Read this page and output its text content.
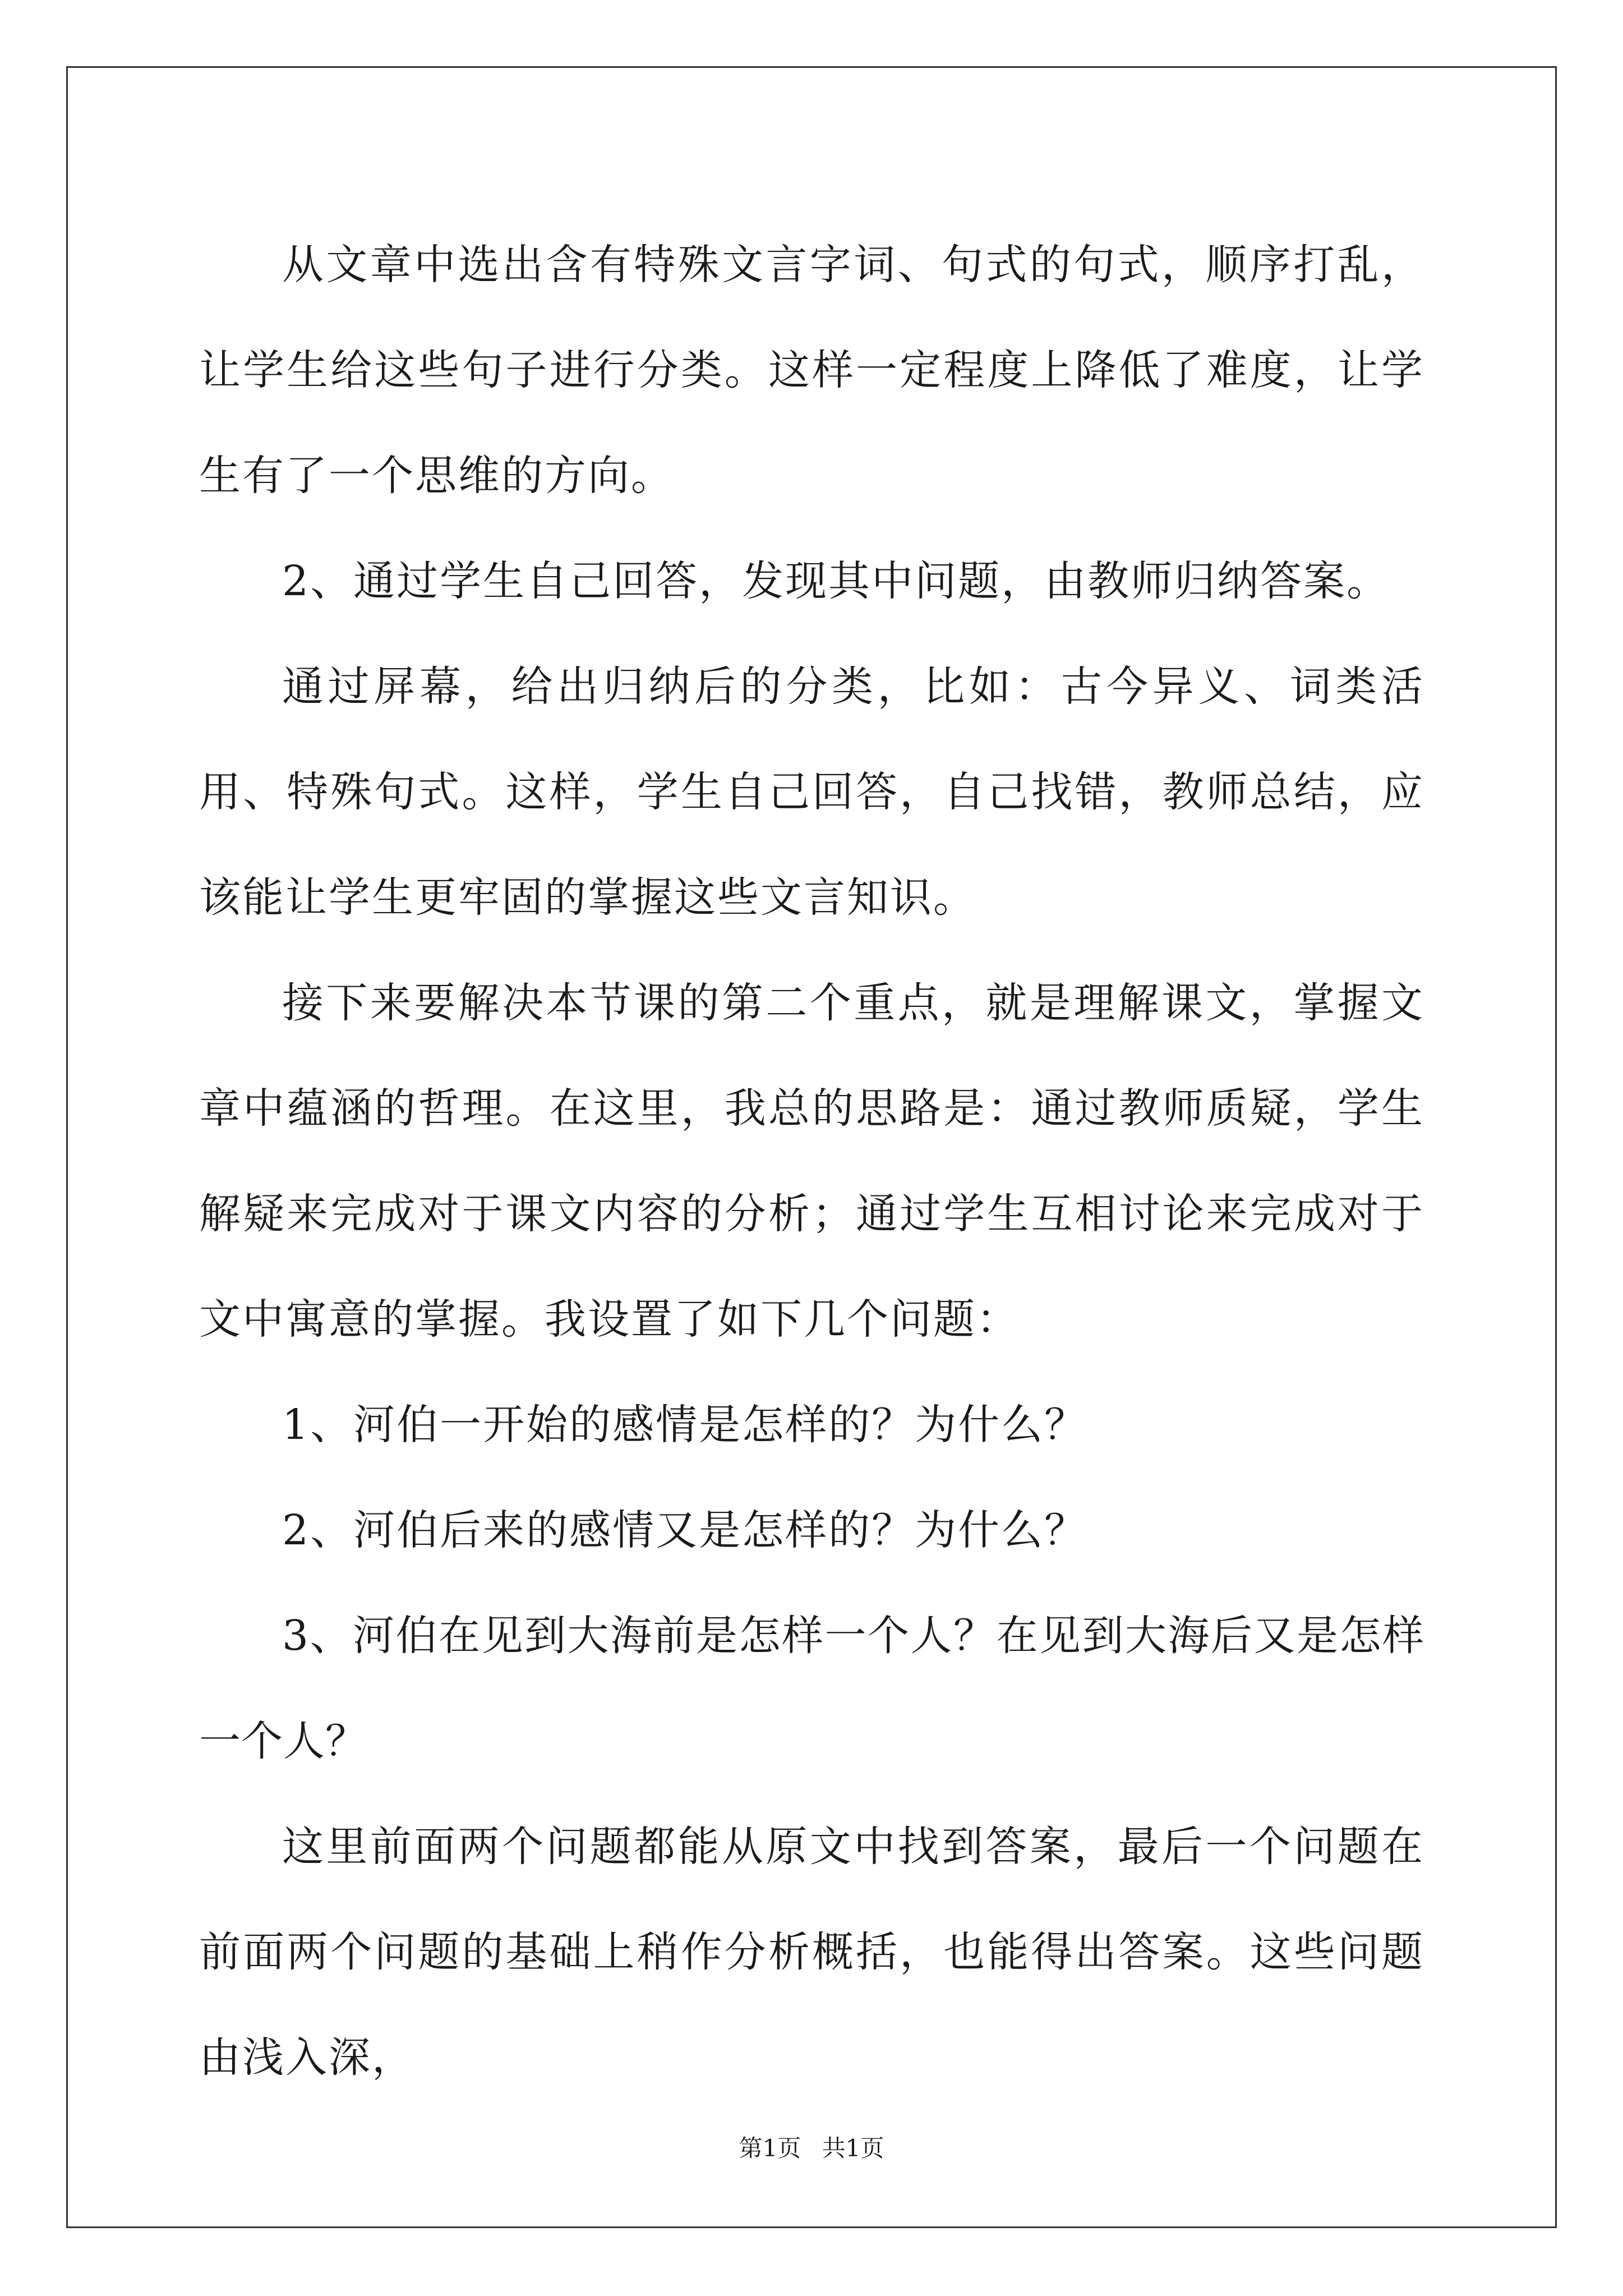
从文章中选出含有特殊文言字词、句式的句式，顺序打乱，让学生给这些句子进行分类。这样一定程度上降低了难度，让学生有了一个思维的方向。

2、通过学生自己回答，发现其中问题，由教师归纳答案。

通过屏幕，给出归纳后的分类，比如：古今异义、词类活用、特殊句式。这样，学生自己回答，自己找错，教师总结，应该能让学生更牢固的掌握这些文言知识。

接下来要解决本节课的第二个重点，就是理解课文，掌握文章中蕴涵的哲理。在这里，我总的思路是：通过教师质疑，学生解疑来完成对于课文内容的分析；通过学生互相讨论来完成对于文中寓意的掌握。我设置了如下几个问题：

1、河伯一开始的感情是怎样的？为什么？

2、河伯后来的感情又是怎样的？为什么？

3、河伯在见到大海前是怎样一个人？在见到大海后又是怎样一个人？

这里前面两个问题都能从原文中找到答案，最后一个问题在前面两个问题的基础上稍作分析概括，也能得出答案。这些问题由浅入深，

第1页 共1页
